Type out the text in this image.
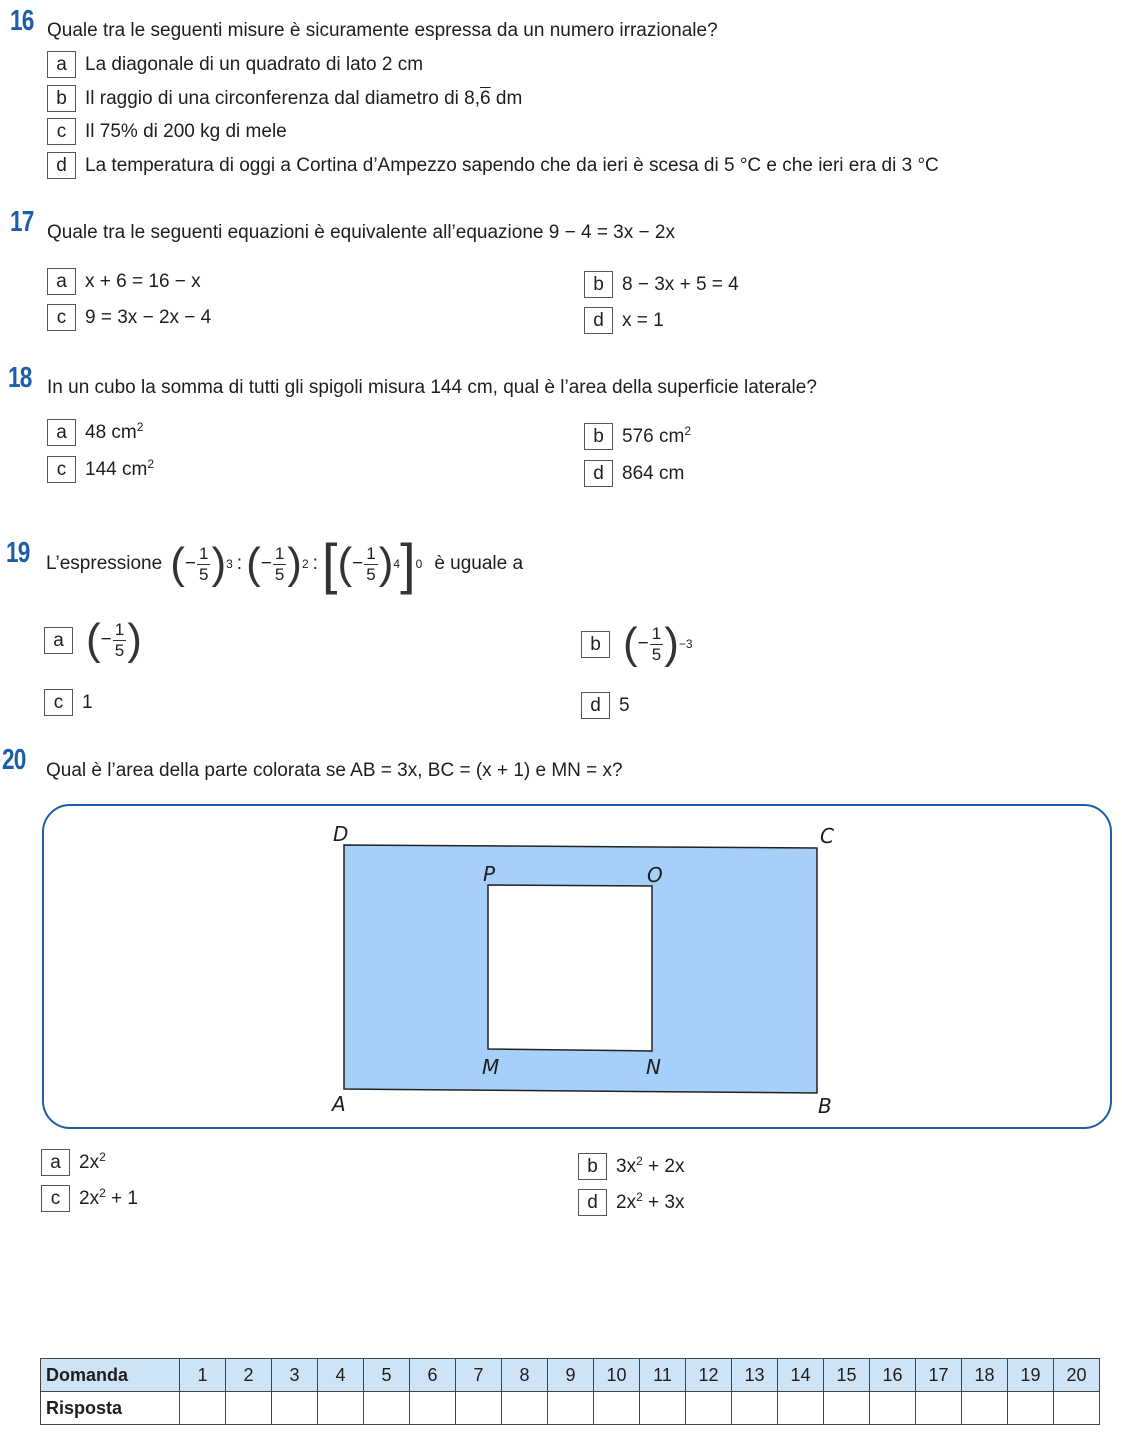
16 Quale tra le seguenti misure è sicuramente espressa da un numero irrazionale?
a La diagonale di un quadrato di lato 2 cm
b Il raggio di una circonferenza dal diametro di 8,6 dm
c Il 75% di 200 kg di mele
d La temperatura di oggi a Cortina d’Ampezzo sapendo che da ieri è scesa di 5 °C e che ieri era di 3 °C
17 Quale tra le seguenti equazioni è equivalente all’equazione 9 − 4 = 3x − 2x
a x + 6 = 16 − x	b 8 − 3x + 5 = 4
c 9 = 3x − 2x − 4	d x = 1
18 In un cubo la somma di tutti gli spigoli misura 144 cm, qual è l’area della superficie laterale?
a 48 $cm^2$	b 576 $cm^2$
c 144 $cm^2$	d 864 cm
19 L’espressione ( − $\frac{1}{5}$ ) 3 : ( − $\frac{1}{5}$ ) 2 : [ ( − $\frac{1}{5}$ ) 4 ] 0 è uguale a
a ( − $\frac{1}{5}$ )	b ( − $\frac{1}{5}$ ) −3
c 1	d 5
20 Qual è l’area della parte colorata se AB = 3x, BC = (x + 1) e MN = x?
D	C
P	O
M	N
A	B
a $2x^2$	b $3x^2 + 2x$
c $2x^2 + 1$	d $2x^2 + 3x$
Domanda	1	2	3	4	5	6	7	8	9	10	11	12	13	14	15	16	17	18	19	20
Risposta																				
